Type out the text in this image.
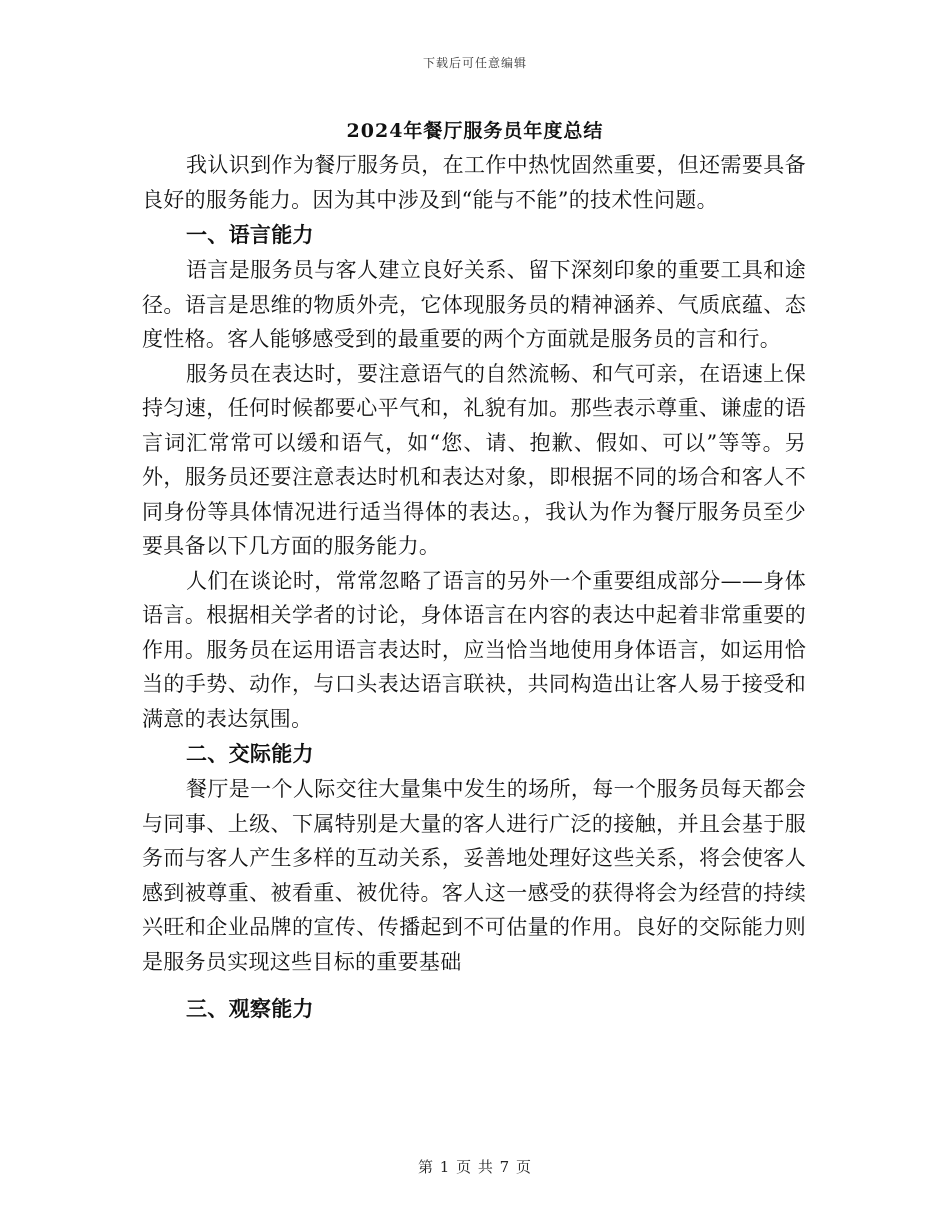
下载后可任意编辑
2024年餐厅服务员年度总结

我认识到作为餐厅服务员，在工作中热忱固然重要，但还需要具备良好的服务能力。因为其中涉及到“能与不能”的技术性问题。

一、语言能力

语言是服务员与客人建立良好关系、留下深刻印象的重要工具和途径。语言是思维的物质外壳，它体现服务员的精神涵养、气质底蕴、态度性格。客人能够感受到的最重要的两个方面就是服务员的言和行。

服务员在表达时，要注意语气的自然流畅、和气可亲，在语速上保持匀速，任何时候都要心平气和，礼貌有加。那些表示尊重、谦虚的语言词汇常常可以缓和语气，如“您、请、抱歉、假如、可以”等等。另外，服务员还要注意表达时机和表达对象，即根据不同的场合和客人不同身份等具体情况进行适当得体的表达。，我认为作为餐厅服务员至少要具备以下几方面的服务能力。

人们在谈论时，常常忽略了语言的另外一个重要组成部分——身体语言。根据相关学者的讨论，身体语言在内容的表达中起着非常重要的作用。服务员在运用语言表达时，应当恰当地使用身体语言，如运用恰当的手势、动作，与口头表达语言联袂，共同构造出让客人易于接受和满意的表达氛围。

二、交际能力

餐厅是一个人际交往大量集中发生的场所，每一个服务员每天都会与同事、上级、下属特别是大量的客人进行广泛的接触，并且会基于服务而与客人产生多样的互动关系，妥善地处理好这些关系，将会使客人感到被尊重、被看重、被优待。客人这一感受的获得将会为经营的持续兴旺和企业品牌的宣传、传播起到不可估量的作用。良好的交际能力则是服务员实现这些目标的重要基础

三、观察能力
第 1 页 共 7 页
